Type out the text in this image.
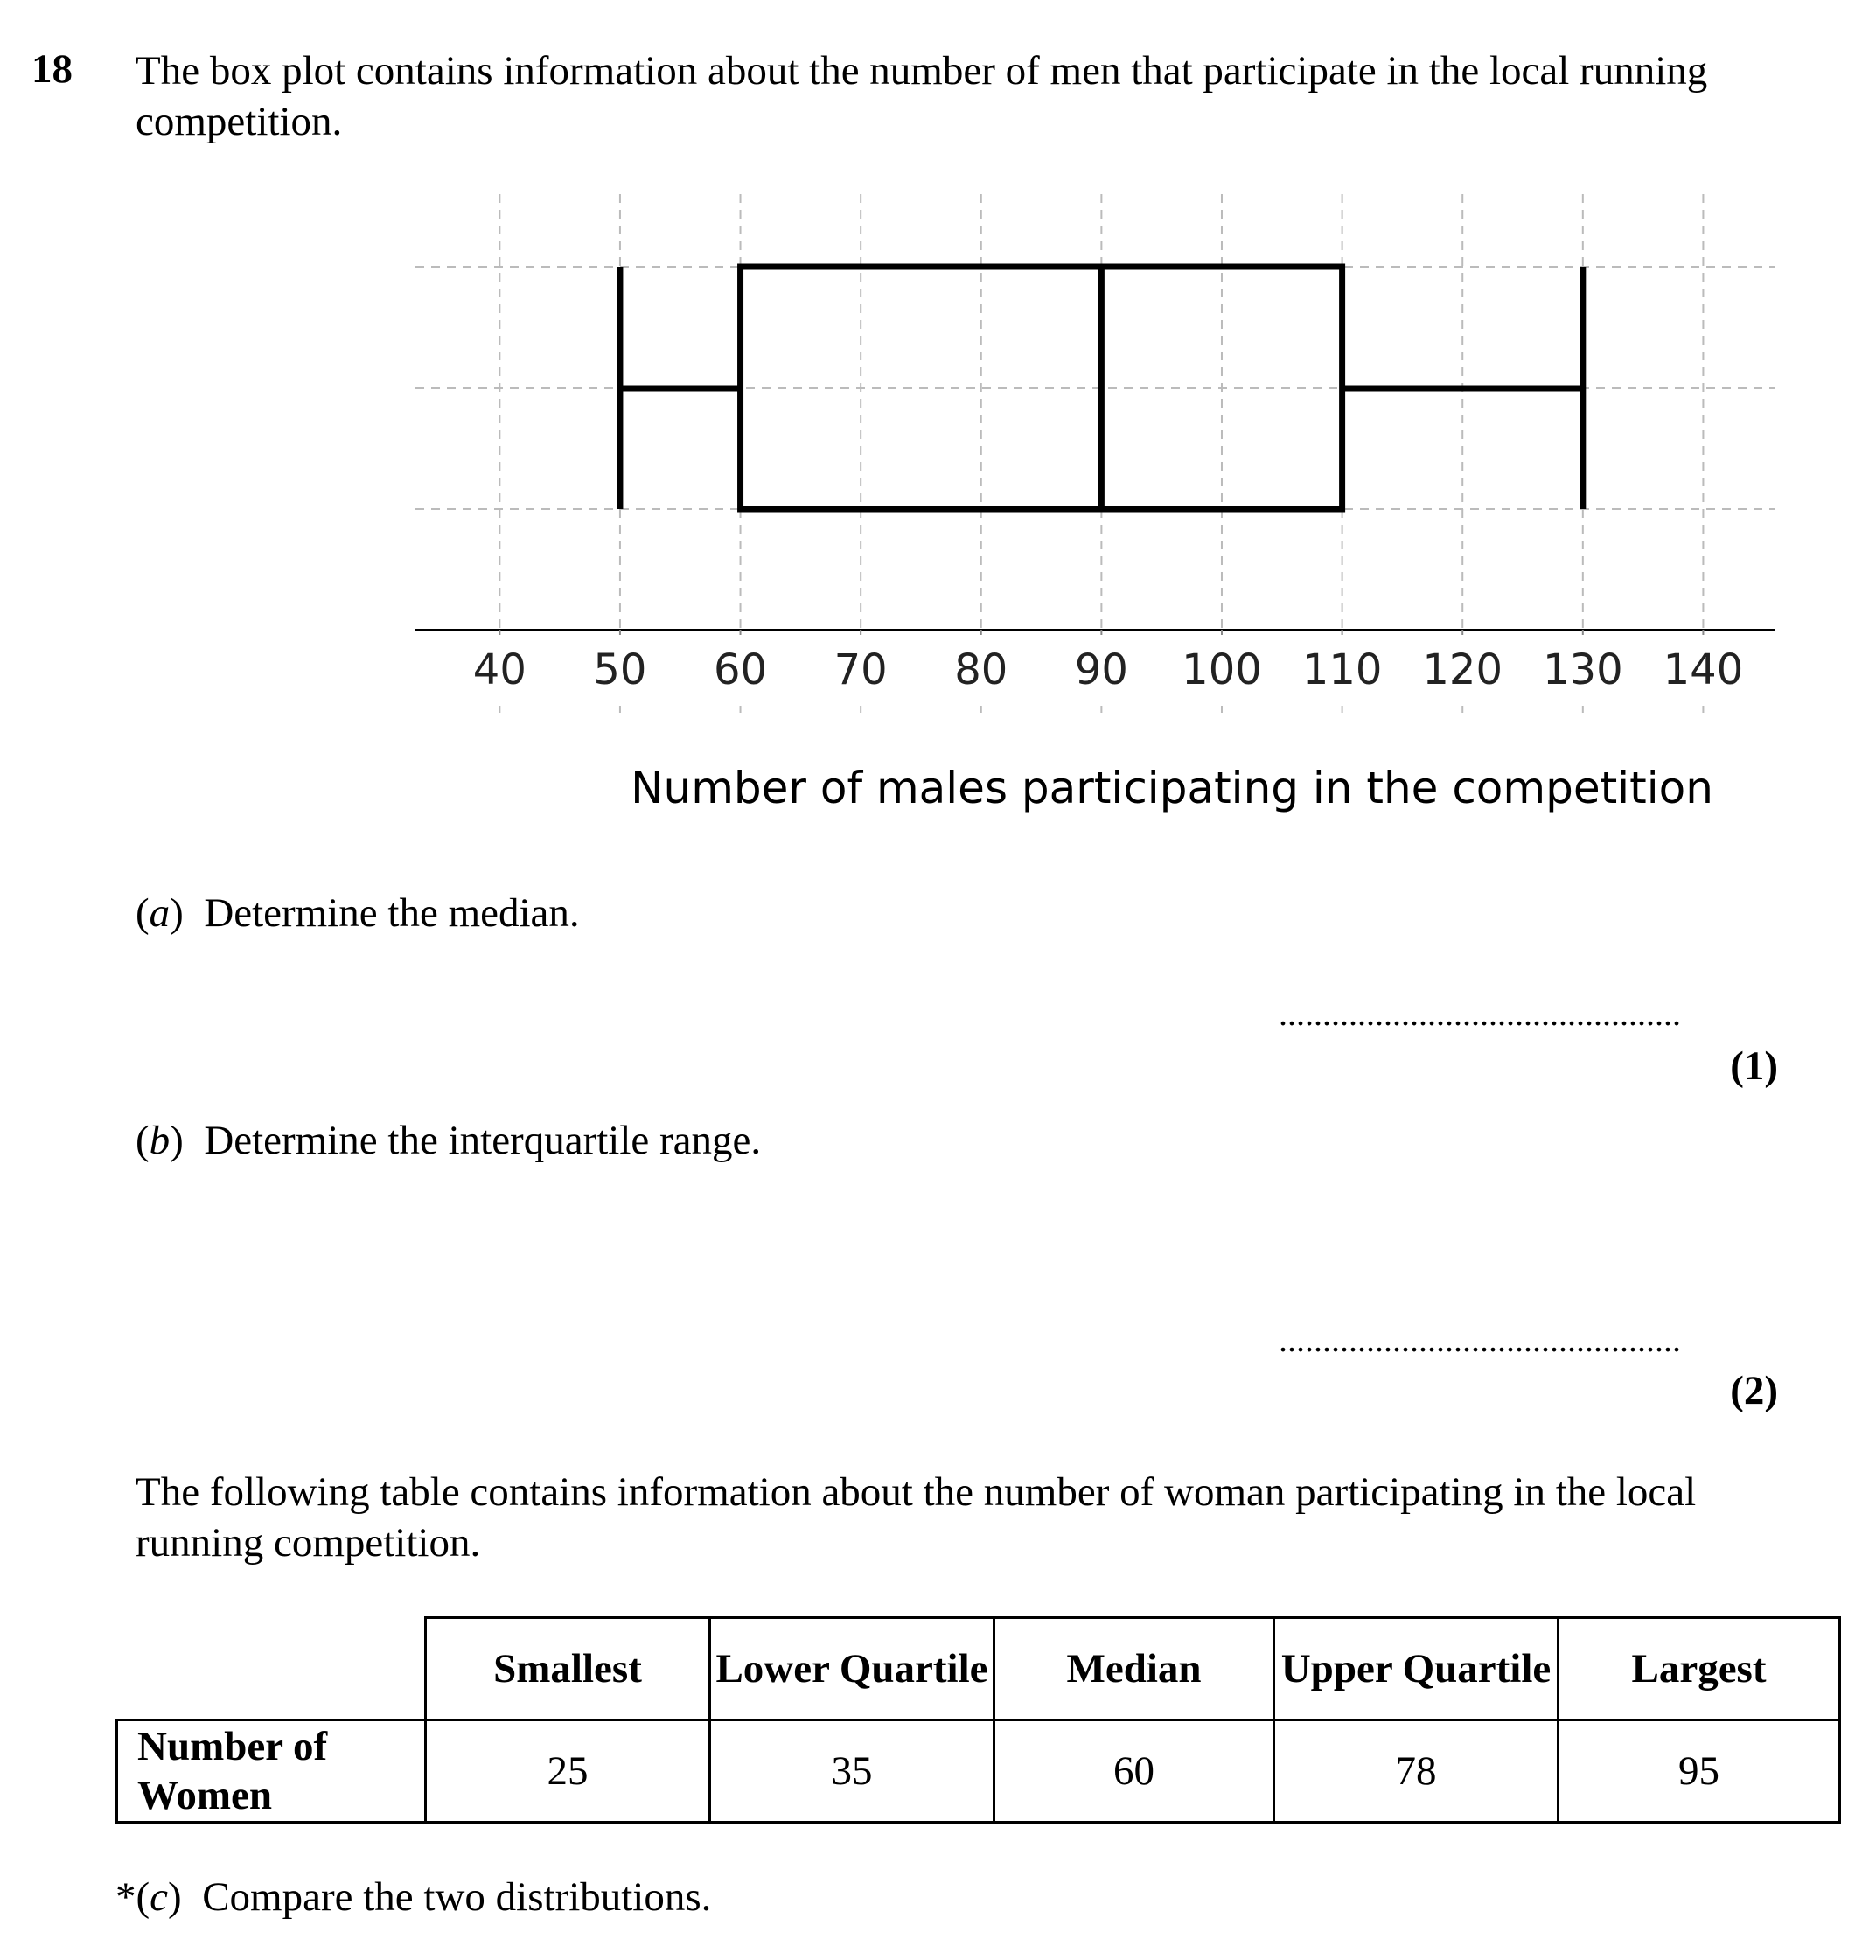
18 The box plot contains information about the number of men that participate in the local running competition.

40 50 60 70 80 90 100 110 120 130 140
Number of males participating in the competition
(a)  Determine the median.
..............................................
(1)
(b)  Determine the interquartile range.
..............................................
(2)

The following table contains information about the number of woman participating in the local running competition.

	Smallest	Lower Quartile	Median	Upper Quartile	Largest
Number of Women	25	35	60	78	95
*(c)  Compare the two distributions.
